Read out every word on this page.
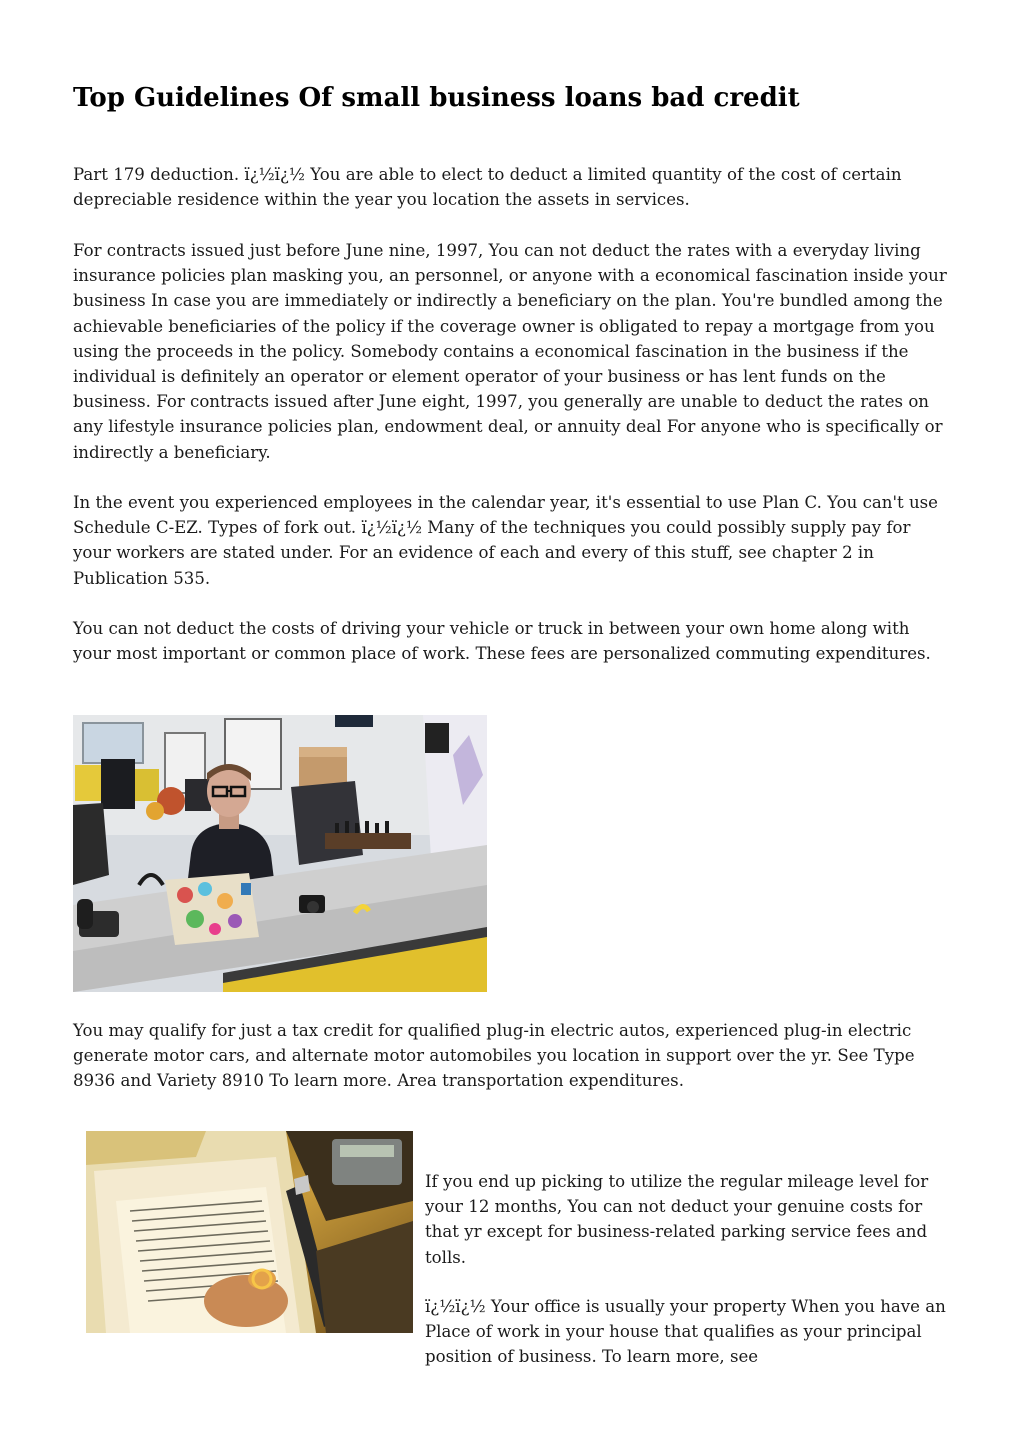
Top Guidelines Of small business loans bad credit

Part 179 deduction. ï¿½ï¿½ You are able to elect to deduct a limited quantity of the cost of certain depreciable residence within the year you location the assets in services.

For contracts issued just before June nine, 1997, You can not deduct the rates with a everyday living insurance policies plan masking you, an personnel, or anyone with a economical fascination inside your business In case you are immediately or indirectly a beneficiary on the plan. You're bundled among the achievable beneficiaries of the policy if the coverage owner is obligated to repay a mortgage from you using the proceeds in the policy. Somebody contains a economical fascination in the business if the individual is definitely an operator or element operator of your business or has lent funds on the business. For contracts issued after June eight, 1997, you generally are unable to deduct the rates on any lifestyle insurance policies plan, endowment deal, or annuity deal For anyone who is specifically or indirectly a beneficiary.

In the event you experienced employees in the calendar year, it's essential to use Plan C. You can't use Schedule C-EZ. Types of fork out. ï¿½ï¿½ Many of the techniques you could possibly supply pay for your workers are stated under. For an evidence of each and every of this stuff, see chapter 2 in Publication 535.

You can not deduct the costs of driving your vehicle or truck in between your own home along with your most important or common place of work. These fees are personalized commuting expenditures.

You may qualify for just a tax credit for qualified plug-in electric autos, experienced plug-in electric generate motor cars, and alternate motor automobiles you location in support over the yr. See Type 8936 and Variety 8910 To learn more. Area transportation expenditures.

If you end up picking to utilize the regular mileage level for your 12 months, You can not deduct your genuine costs for that yr except for business-related parking service fees and tolls.

ï¿½ï¿½ Your office is usually your property When you have an Place of work in your house that qualifies as your principal position of business. To learn more, see
